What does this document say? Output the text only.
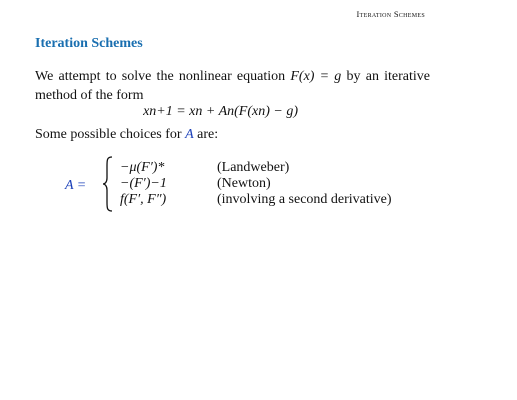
Iteration Schemes
Iteration Schemes

We attempt to solve the nonlinear equation F(x) = g by an iterative method of the form

xn+1 = xn + An(F(xn) − g)
Some possible choices for A are:
A =
−μ(F′)*	(Landweber)
−(F′)−1	(Newton)
f(F′, F″)	(involving a second derivative)
